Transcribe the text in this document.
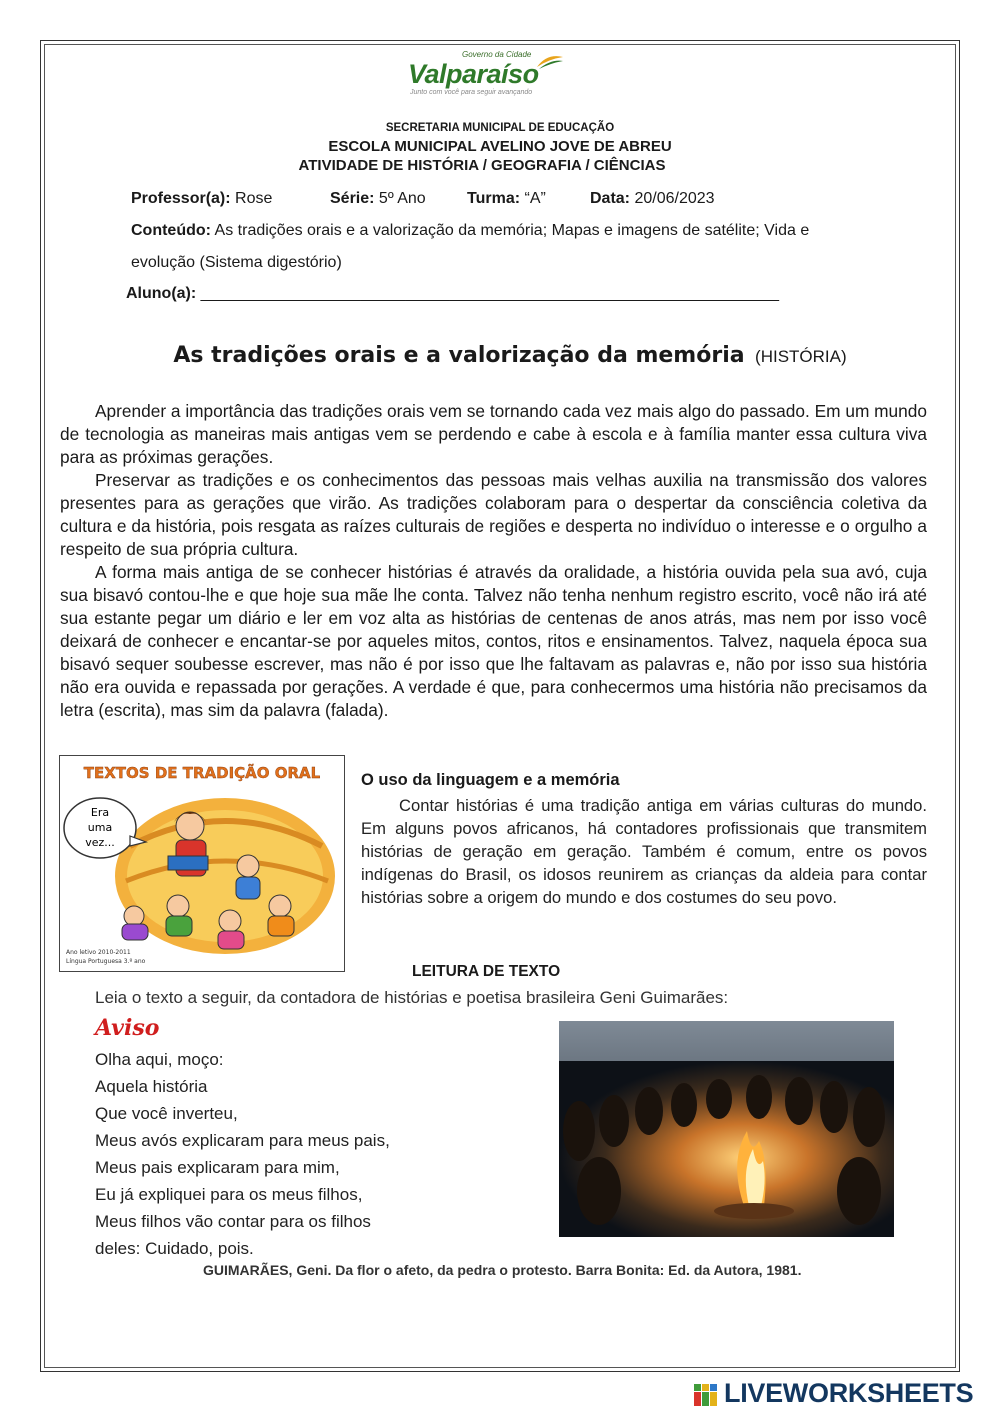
Governo da Cidade
Valparaíso
Junto com você para seguir avançando
SECRETARIA MUNICIPAL DE EDUCAÇÃO
ESCOLA MUNICIPAL AVELINO JOVE DE ABREU
ATIVIDADE DE HISTÓRIA / GEOGRAFIA / CIÊNCIAS
Professor(a): Rose	Série: 5º Ano	Turma: “A”	Data: 20/06/2023
Conteúdo: As tradições orais e a valorização da memória; Mapas e imagens de satélite; Vida e
evolução (Sistema digestório)
Aluno(a): _________________________________________________________________
As tradições orais e a valorização da memória (HISTÓRIA)

Aprender a importância das tradições orais vem se tornando cada vez mais algo do passado. Em um mundo de tecnologia as maneiras mais antigas vem se perdendo e cabe à escola e à família manter essa cultura viva para as próximas gerações.

Preservar as tradições e os conhecimentos das pessoas mais velhas auxilia na transmissão dos valores presentes para as gerações que virão. As tradições colaboram para o despertar da consciência coletiva da cultura e da história, pois resgata as raízes culturais de regiões e desperta no indivíduo o interesse e o orgulho a respeito de sua própria cultura.

A forma mais antiga de se conhecer histórias é através da oralidade, a história ouvida pela sua avó, cuja sua bisavó contou-lhe e que hoje sua mãe lhe conta. Talvez não tenha nenhum registro escrito, você não irá até sua estante pegar um diário e ler em voz alta as histórias de centenas de anos atrás, mas nem por isso você deixará de conhecer e encantar-se por aqueles mitos, contos, ritos e ensinamentos. Talvez, naquela época sua bisavó sequer soubesse escrever, mas não é por isso que lhe faltavam as palavras e, não por isso sua história não era ouvida e repassada por gerações. A verdade é que, para conhecermos uma história não precisamos da letra (escrita), mas sim da palavra (falada).

TEXTOS DE TRADIÇÃO ORAL
Era
uma
vez...
Ano letivo 2010-2011
Língua Portuguesa 3.º ano
O uso da linguagem e a memória

Contar histórias é uma tradição antiga em várias culturas do mundo. Em alguns povos africanos, há contadores profissionais que transmitem histórias de geração em geração. Também é comum, entre os povos indígenas do Brasil, os idosos reunirem as crianças da aldeia para contar histórias sobre a origem do mundo e dos costumes do seu povo.

LEITURA DE TEXTO
Leia o texto a seguir, da contadora de histórias e poetisa brasileira Geni Guimarães:
Aviso
Olha aqui, moço:
Aquela história
Que você inverteu,
Meus avós explicaram para meus pais,
Meus pais explicaram para mim,
Eu já expliquei para os meus filhos,
Meus filhos vão contar para os filhos
deles: Cuidado, pois.
GUIMARÃES, Geni. Da flor o afeto, da pedra o protesto. Barra Bonita: Ed. da Autora, 1981.
LIVEWORKSHEETS
